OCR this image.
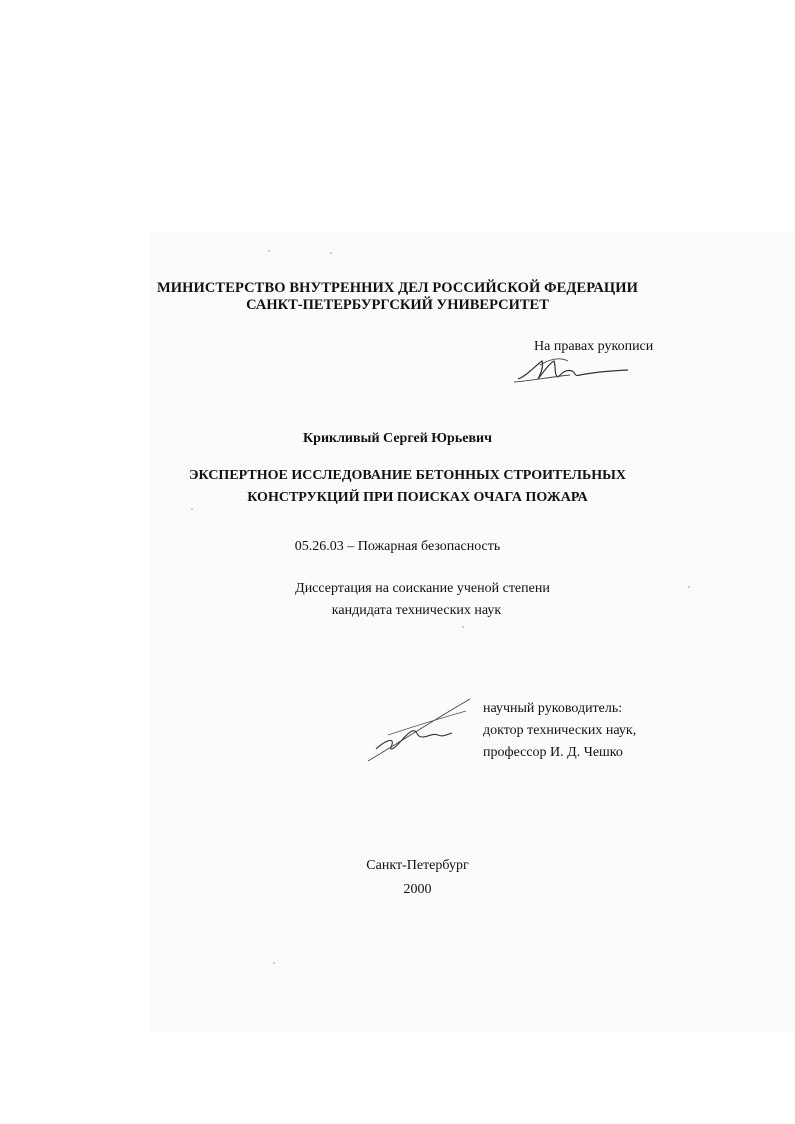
МИНИСТЕРСТВО ВНУТРЕННИХ ДЕЛ РОССИЙСКОЙ ФЕДЕРАЦИИ
САНКТ-ПЕТЕРБУРГСКИЙ УНИВЕРСИТЕТ
На правах рукописи
Крикливый Сергей Юрьевич
ЭКСПЕРТНОЕ ИССЛЕДОВАНИЕ БЕТОННЫХ СТРОИТЕЛЬНЫХ
КОНСТРУКЦИЙ ПРИ ПОИСКАХ ОЧАГА ПОЖАРА
05.26.03 – Пожарная безопасность
Диссертация на соискание ученой степени
кандидата технических наук
научный руководитель:
доктор технических наук,
профессор И. Д. Чешко
Санкт-Петербург
2000
